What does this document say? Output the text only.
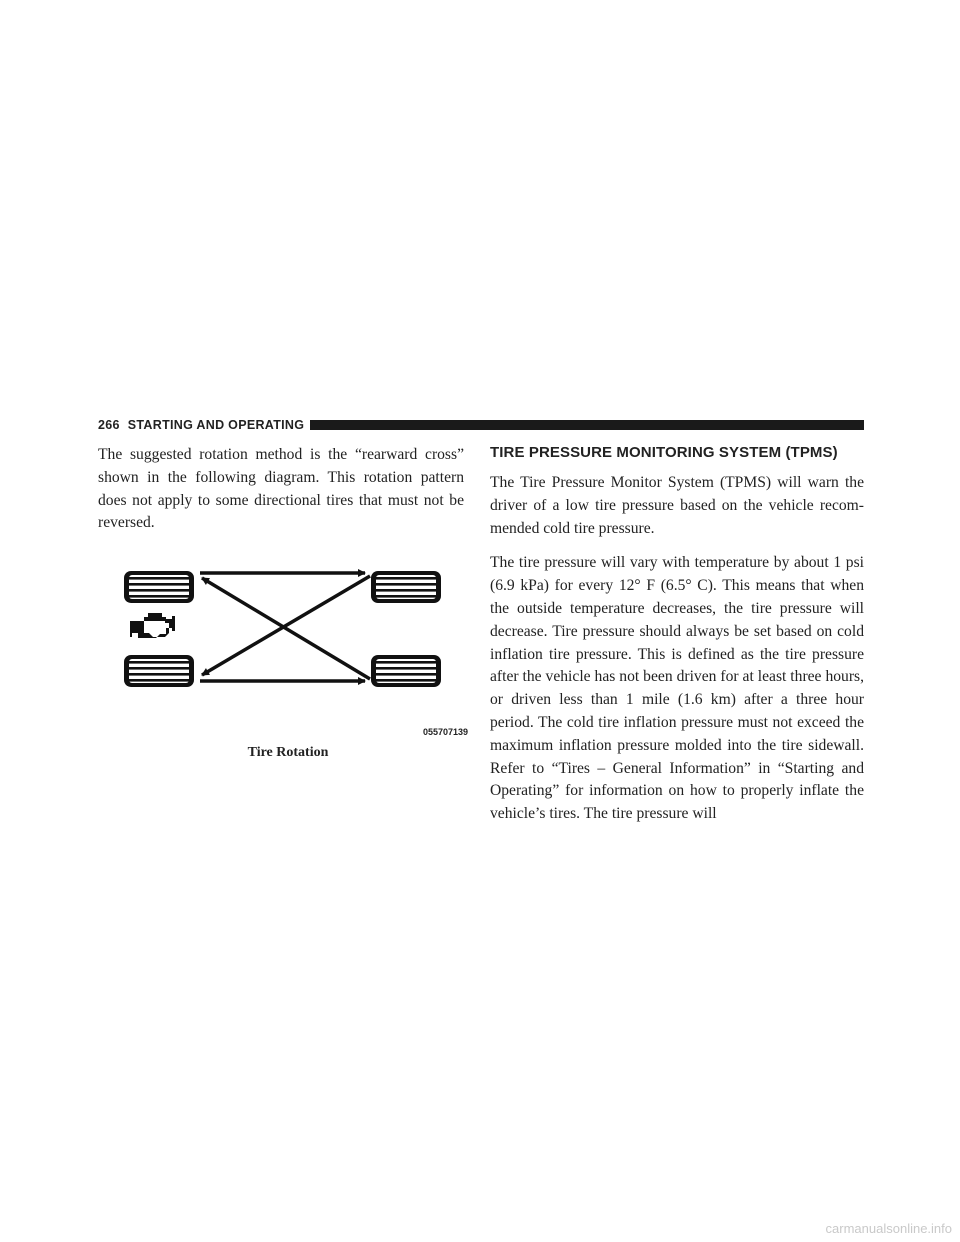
266 STARTING AND OPERATING

The suggested rotation method is the “rearward cross” shown in the following diagram. This rotation pattern does not apply to some directional tires that must not be reversed.

055707139
Tire Rotation
TIRE PRESSURE MONITORING SYSTEM (TPMS)

The Tire Pressure Monitor System (TPMS) will warn the driver of a low tire pressure based on the vehicle recom-mended cold tire pressure.

The tire pressure will vary with temperature by about 1 psi (6.9 kPa) for every 12° F (6.5° C). This means that when the outside temperature decreases, the tire pressure will decrease. Tire pressure should always be set based on cold inflation tire pressure. This is defined as the tire pressure after the vehicle has not been driven for at least three hours, or driven less than 1 mile (1.6 km) after a three hour period. The cold tire inflation pressure must not exceed the maximum inflation pressure molded into the tire sidewall. Refer to “Tires – General Information” in “Starting and Operating” for information on how to properly inflate the vehicle’s tires. The tire pressure will

carmanualsonline.info
